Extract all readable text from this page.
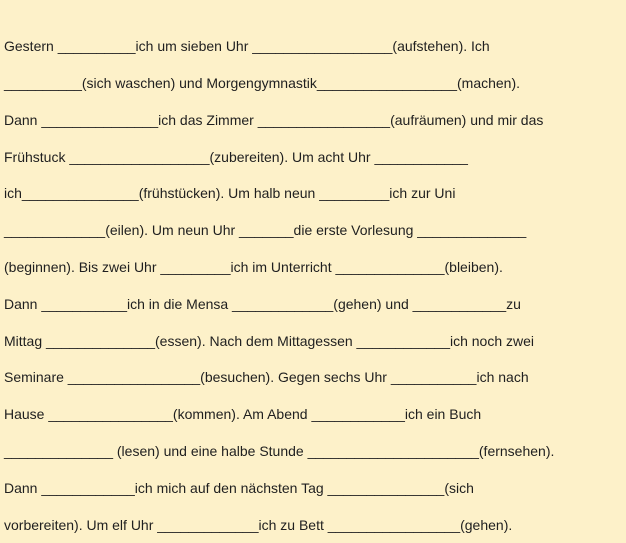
Gestern __________ich um sieben Uhr __________________(aufstehen). Ich

__________(sich waschen) und Morgengymnastik__________________(machen).

Dann _______________ich das Zimmer _________________(aufräumen) und mir das

Frühstuck __________________(zubereiten). Um acht Uhr ____________

ich_______________(frühstücken). Um halb neun _________ich zur Uni

_____________(eilen). Um neun Uhr _______die erste Vorlesung ______________

(beginnen). Bis zwei Uhr _________ich im Unterricht ______________(bleiben).

Dann ___________ich in die Mensa _____________(gehen) und ____________zu

Mittag ______________(essen). Nach dem Mittagessen ____________ich noch zwei

Seminare _________________(besuchen). Gegen sechs Uhr ___________ich nach

Hause ________________(kommen). Am Abend ____________ich ein Buch

______________ (lesen) und eine halbe Stunde ______________________(fernsehen).

Dann ____________ich mich auf den nächsten Tag _______________(sich

vorbereiten). Um elf Uhr _____________ich zu Bett _________________(gehen).
